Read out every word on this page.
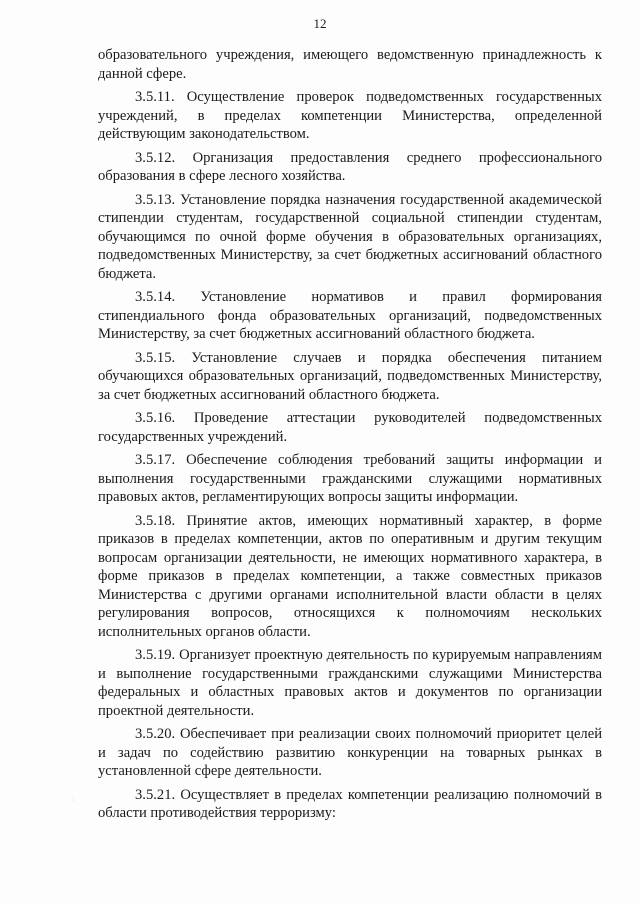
12

образовательного учреждения, имеющего ведомственную принадлежность к данной сфере.

3.5.11. Осуществление проверок подведомственных государственных учреждений, в пределах компетенции Министерства, определенной действующим законодательством.

3.5.12. Организация предоставления среднего профессионального образования в сфере лесного хозяйства.

3.5.13. Установление порядка назначения государственной академической стипендии студентам, государственной социальной стипендии студентам, обучающимся по очной форме обучения в образовательных организациях, подведомственных Министерству, за счет бюджетных ассигнований областного бюджета.

3.5.14. Установление нормативов и правил формирования стипендиального фонда образовательных организаций, подведомственных Министерству, за счет бюджетных ассигнований областного бюджета.

3.5.15. Установление случаев и порядка обеспечения питанием обучающихся образовательных организаций, подведомственных Министерству, за счет бюджетных ассигнований областного бюджета.

3.5.16. Проведение аттестации руководителей подведомственных государственных учреждений.

3.5.17. Обеспечение соблюдения требований защиты информации и выполнения государственными гражданскими служащими нормативных правовых актов, регламентирующих вопросы защиты информации.

3.5.18. Принятие актов, имеющих нормативный характер, в форме приказов в пределах компетенции, актов по оперативным и другим текущим вопросам организации деятельности, не имеющих нормативного характера, в форме приказов в пределах компетенции, а также совместных приказов Министерства с другими органами исполнительной власти области в целях регулирования вопросов, относящихся к полномочиям нескольких исполнительных органов области.

3.5.19. Организует проектную деятельность по курируемым направлениям и выполнение государственными гражданскими служащими Министерства федеральных и областных правовых актов и документов по организации проектной деятельности.

3.5.20. Обеспечивает при реализации своих полномочий приоритет целей и задач по содействию развитию конкуренции на товарных рынках в установленной сфере деятельности.

3.5.21. Осуществляет в пределах компетенции реализацию полномочий в области противодействия терроризму:

· ·
